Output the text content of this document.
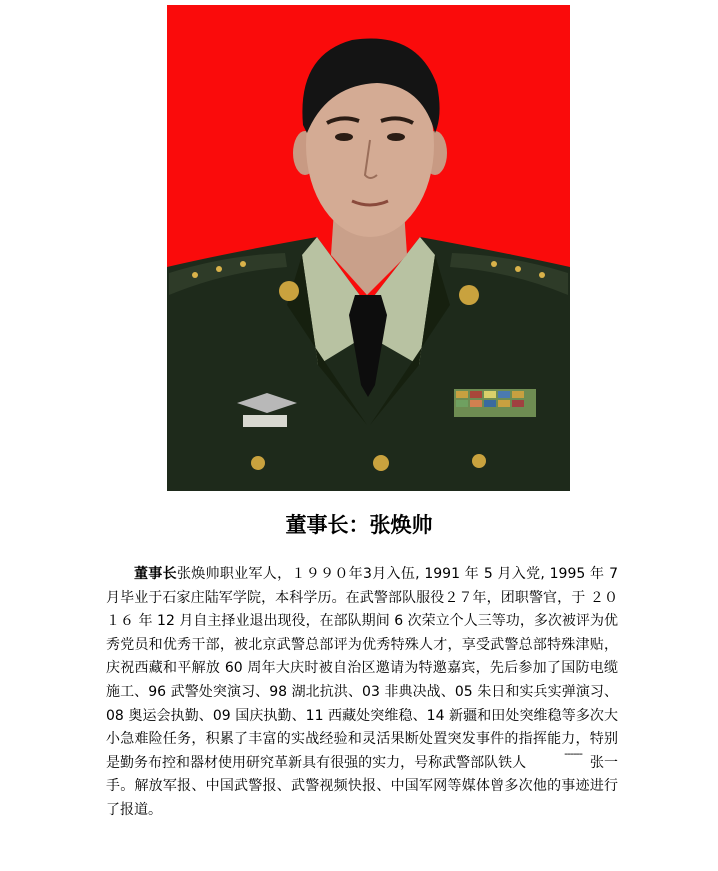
董事长：张焕帅

董事长张焕帅职业军人，１９９０年3月入伍, 1991 年 5 月入党, 1995 年 7 月毕业于石家庄陆军学院，本科学历。在武警部队服役２７年，团职警官，于 ２０１６ 年 12 月自主择业退出现役，在部队期间 6 次荣立个人三等功，多次被评为优秀党员和优秀干部，被北京武警总部评为优秀特殊人才，享受武警总部特殊津贴，庆祝西藏和平解放 60 周年大庆时被自治区邀请为特邀嘉宾，先后参加了国防电缆施工、96 武警处突演习、98 湖北抗洪、03 非典决战、05 朱日和实兵实弹演习、08 奥运会执勤、09 国庆执勤、11 西藏处突维稳、14 新疆和田处突维稳等多次大小急难险任务，积累了丰富的实战经验和灵活果断处置突发事件的指挥能力，特别是勤务布控和器材使用研究革新具有很强的实力，号称武警部队铁人------张一手。解放军报、中国武警报、武警视频快报、中国军网等媒体曾多次他的事迹进行了报道。
